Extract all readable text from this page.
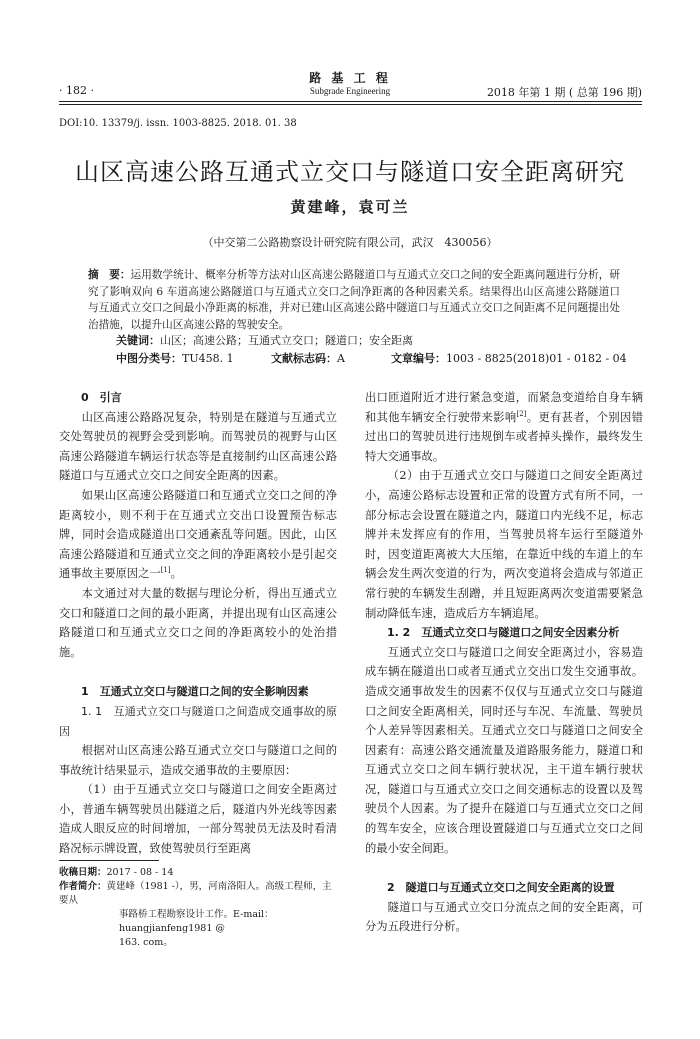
· 182 ·
路 基 工 程
Subgrade Engineering	2018 年第 1 期 ( 总第 196 期)
DOI:10. 13379/j. issn. 1003-8825. 2018. 01. 38
山区高速公路互通式立交口与隧道口安全距离研究
黄建峰，袁可兰
（中交第二公路勘察设计研究院有限公司，武汉　430056）
摘　要：运用数学统计、概率分析等方法对山区高速公路隧道口与互通式立交口之间的安全距离问题进行分析，研究了影响双向 6 车道高速公路隧道口与互通式立交口之间净距离的各种因素关系。结果得出山区高速公路隧道口与互通式立交口之间最小净距离的标准，并对已建山区高速公路中隧道口与互通式立交口之间距离不足问题提出处治措施，以提升山区高速公路的驾驶安全。
关键词：山区；高速公路；互通式立交口；隧道口；安全距离
中图分类号：TU458. 1	文献标志码：A	文章编号：1003 - 8825(2018)01 - 0182 - 04

0　引言

山区高速公路路况复杂，特别是在隧道与互通式立交处驾驶员的视野会受到影响。而驾驶员的视野与山区高速公路隧道车辆运行状态等是直接制约山区高速公路隧道口与互通式立交口之间安全距离的因素。

如果山区高速公路隧道口和互通式立交口之间的净距离较小，则不利于在互通式立交出口设置预告标志牌，同时会造成隧道出口交通紊乱等问题。因此，山区高速公路隧道和互通式立交之间的净距离较小是引起交通事故主要原因之一[1]。

本文通过对大量的数据与理论分析，得出互通式立交口和隧道口之间的最小距离，并提出现有山区高速公路隧道口和互通式立交口之间的净距离较小的处治措施。

1　互通式立交口与隧道口之间的安全影响因素

1. 1　互通式立交口与隧道口之间造成交通事故的原因

根据对山区高速公路互通式立交口与隧道口之间的事故统计结果显示，造成交通事故的主要原因：

（1）由于互通式立交口与隧道口之间安全距离过小，普通车辆驾驶员出隧道之后，隧道内外光线等因素造成人眼反应的时间增加，一部分驾驶员无法及时看清路况标示牌设置，致使驾驶员行至距离

出口匝道附近才进行紧急变道，而紧急变道给自身车辆和其他车辆安全行驶带来影响[2]。更有甚者，个别因错过出口的驾驶员进行违规倒车或者掉头操作，最终发生特大交通事故。

（2）由于互通式立交口与隧道口之间安全距离过小，高速公路标志设置和正常的设置方式有所不同，一部分标志会设置在隧道之内，隧道口内光线不足，标志牌并未发挥应有的作用，当驾驶员将车运行至隧道外时，因变道距离被大大压缩，在靠近中线的车道上的车辆会发生两次变道的行为，两次变道将会造成与邻道正常行驶的车辆发生刮蹭，并且短距离两次变道需要紧急制动降低车速，造成后方车辆追尾。

1. 2　互通式立交口与隧道口之间安全因素分析

互通式立交口与隧道口之间安全距离过小，容易造成车辆在隧道出口或者互通式立交出口发生交通事故。造成交通事故发生的因素不仅仅与互通式立交口与隧道口之间安全距离相关，同时还与车况、车流量、驾驶员个人差异等因素相关。互通式立交口与隧道口之间安全因素有：高速公路交通流量及道路服务能力，隧道口和互通式立交口之间车辆行驶状况，主干道车辆行驶状况，隧道口与互通式立交口之间交通标志的设置以及驾驶员个人因素。为了提升在隧道口与互通式立交口之间的驾车安全，应该合理设置隧道口与互通式立交口之间的最小安全间距。

2　隧道口与互通式立交口之间安全距离的设置

隧道口与互通式立交口分流点之间的安全距离，可分为五段进行分析。

收稿日期：2017 - 08 - 14
作者简介：黄建峰（1981 -），男，河南洛阳人。高级工程师，主要从
事路桥工程勘察设计工作。E-mail：huangjianfeng1981 @
163. com。
